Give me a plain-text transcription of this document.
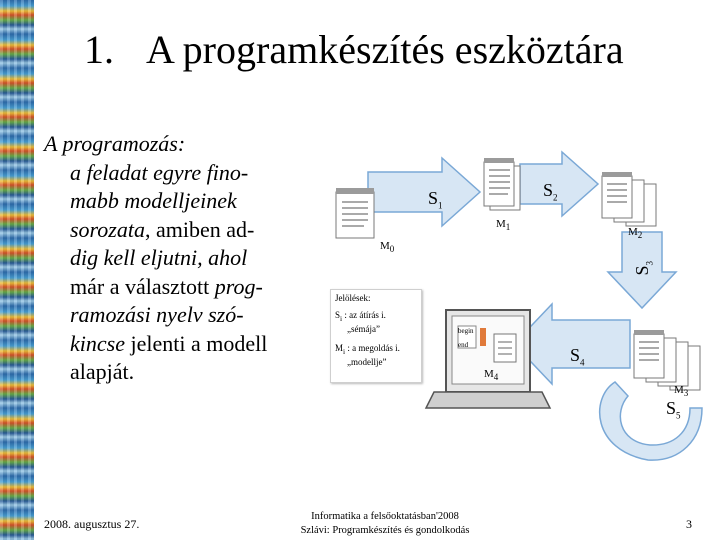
1. A programkészítés eszköztára
A programozás:
a feladat egyre fino-
mabb modelljeinek
sorozata, amiben ad-
dig kell eljutni, ahol
már a választott prog-
ramozási nyelv szó-
kincse jelenti a modell
alapját.
begin
end
$S_1$
$S_2$
$S_3$
$S_4$
$S_5$
$M_0$
$M_1$	$M_2$
$M_3$
$M_4$
Jelölések:
$S_i$ : az átírás i.
„sémája”
$M_i$ : a megoldás i.
„modellje”
2008. augusztus 27.
Informatika a felsőoktatásban'2008
Szlávi: Programkészítés és gondolkodás	3
